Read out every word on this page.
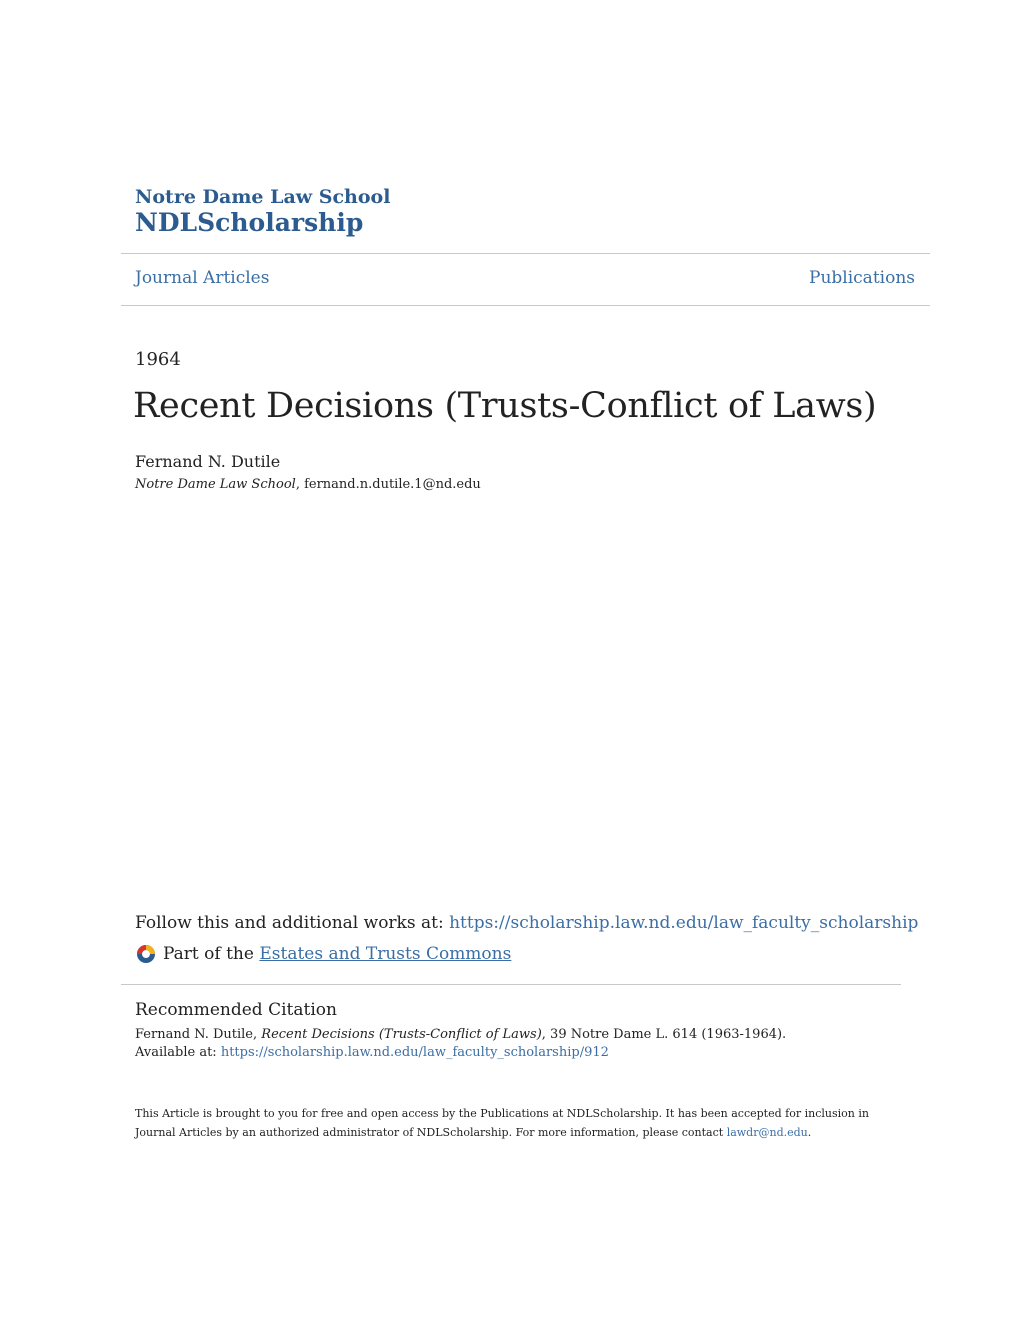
Notre Dame Law School
NDLScholarship
Journal Articles	Publications
1964
Recent Decisions (Trusts-Conflict of Laws)
Fernand N. Dutile
Notre Dame Law School, fernand.n.dutile.1@nd.edu
Follow this and additional works at: https://scholarship.law.nd.edu/law_faculty_scholarship
Part of the
Estates and Trusts Commons
Recommended Citation
Fernand N. Dutile, Recent Decisions (Trusts-Conflict of Laws), 39 Notre Dame L. 614 (1963-1964).
Available at: https://scholarship.law.nd.edu/law_faculty_scholarship/912
This Article is brought to you for free and open access by the Publications at NDLScholarship. It has been accepted for inclusion in Journal Articles by an authorized administrator of NDLScholarship. For more information, please contact lawdr@nd.edu.
